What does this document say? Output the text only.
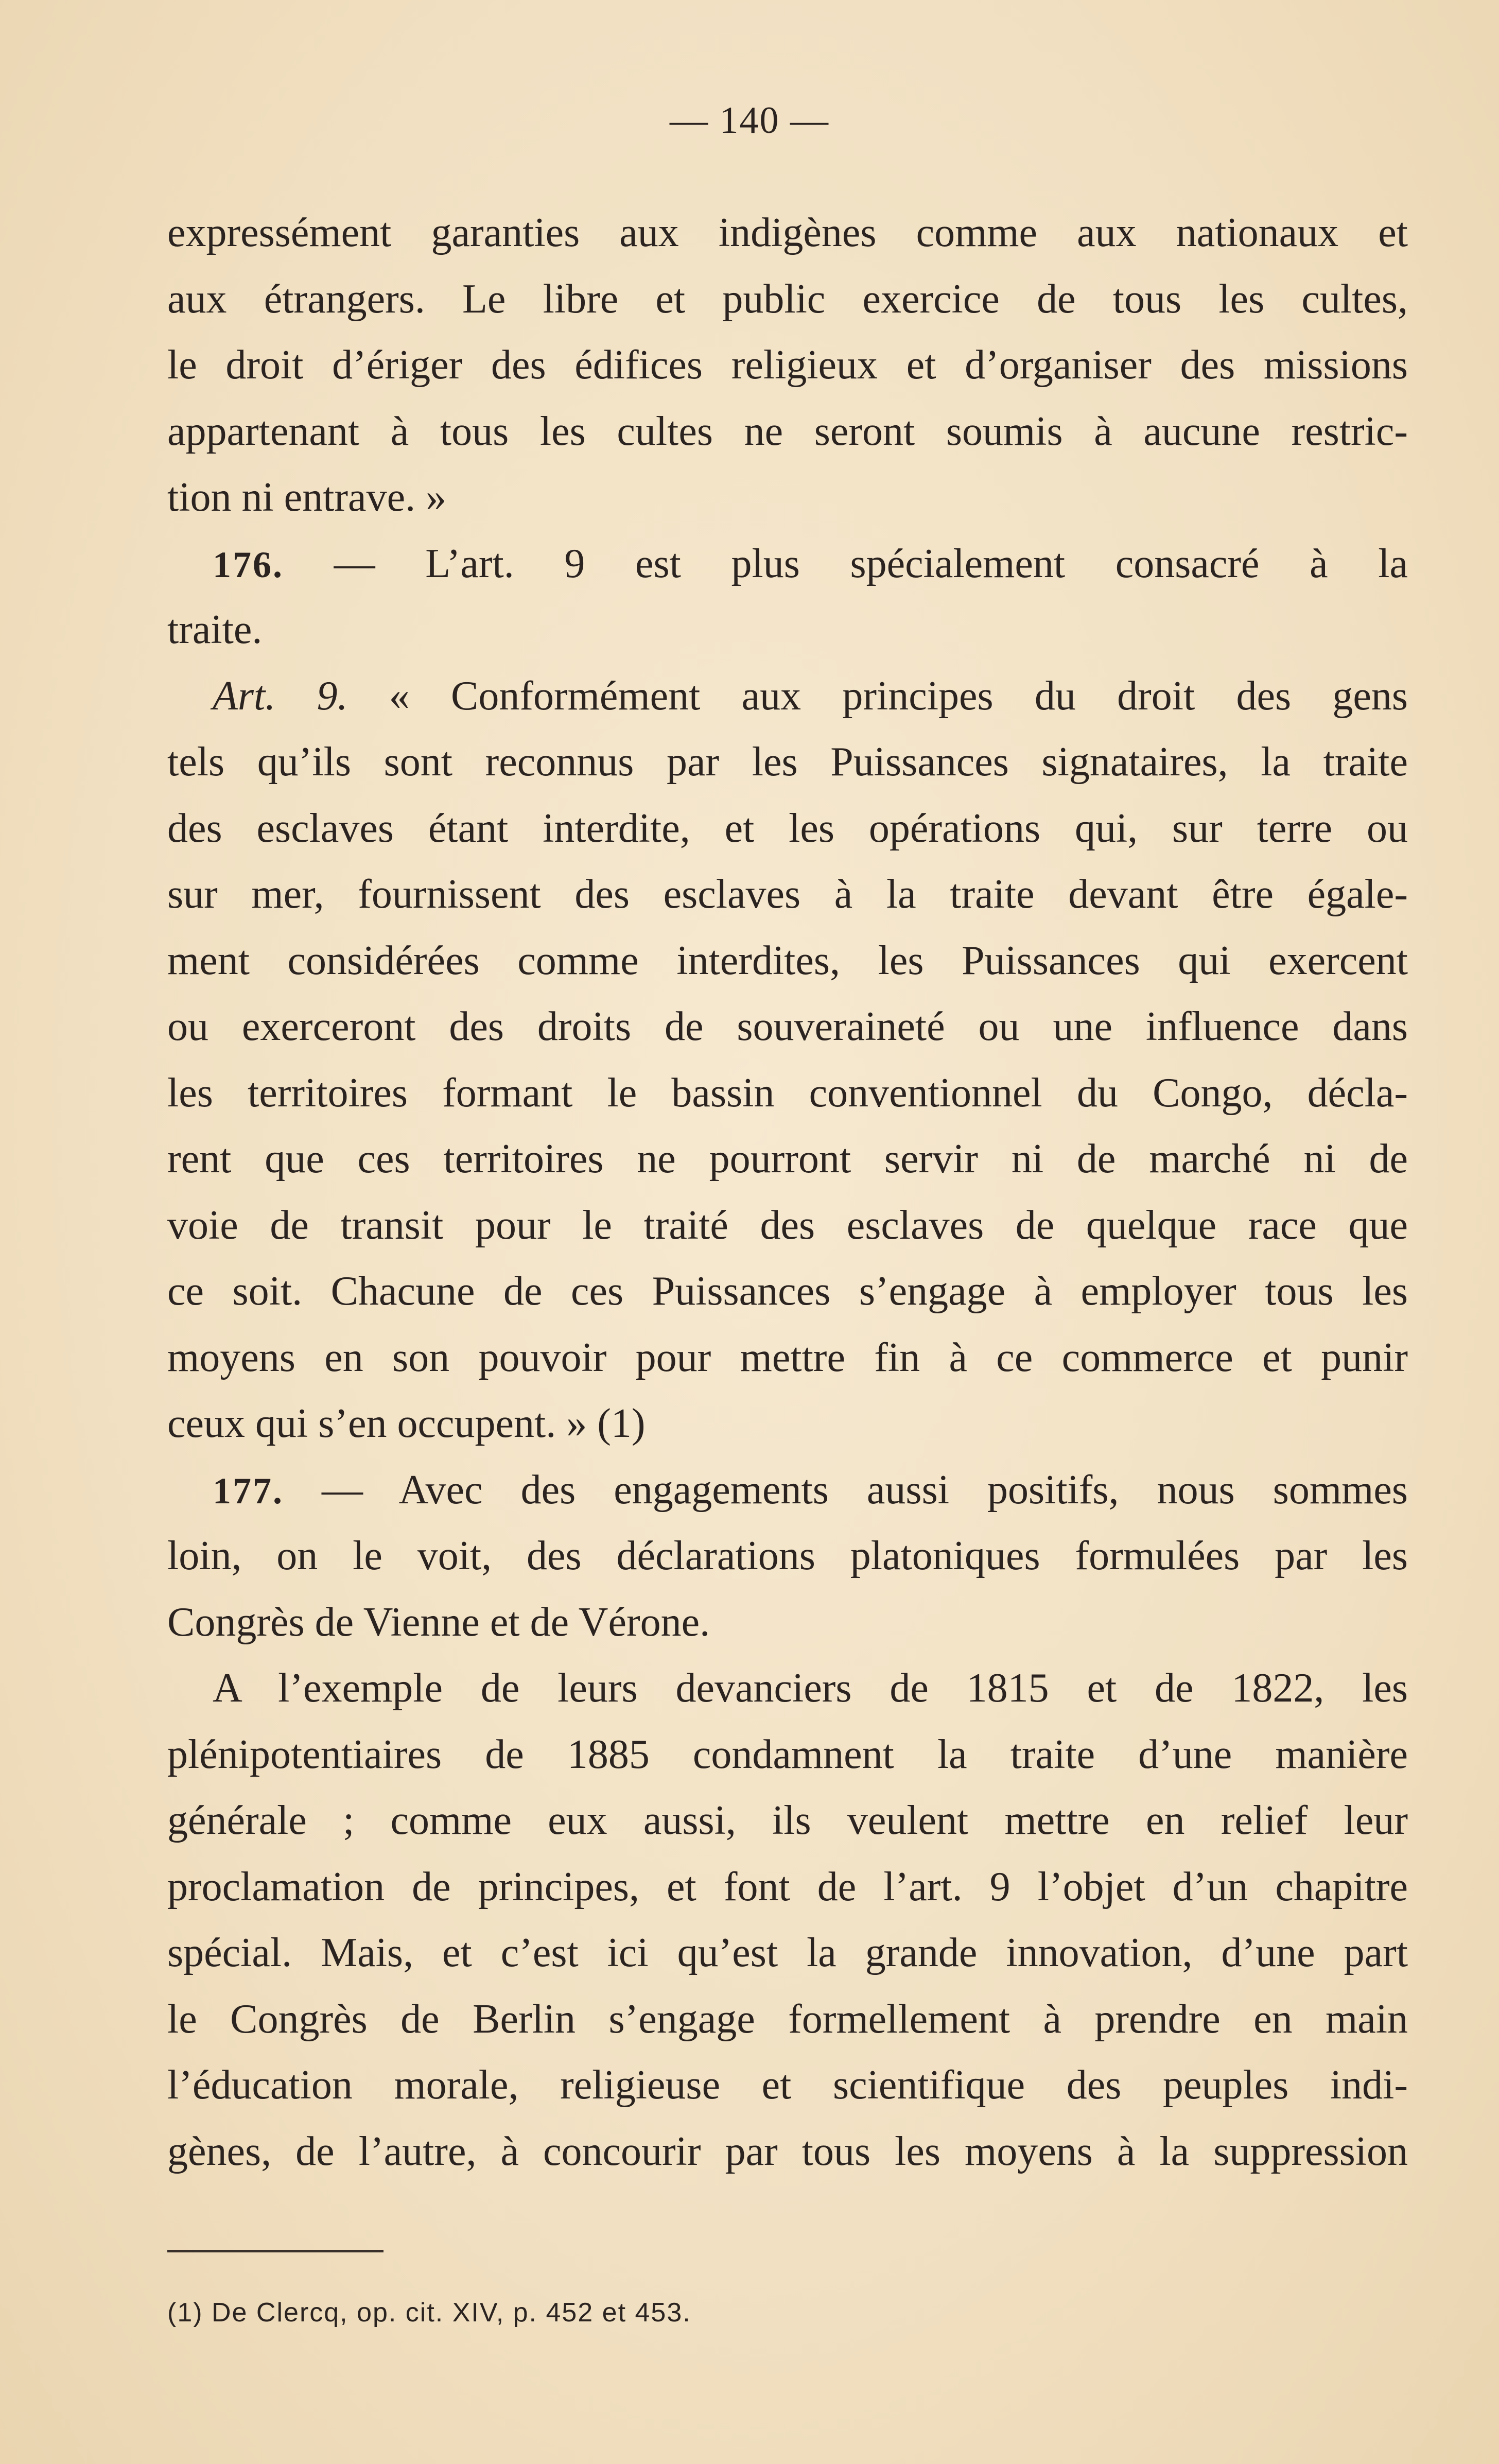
— 140 —
expressément garanties aux indigènes comme aux nationaux et
aux étrangers. Le libre et public exercice de tous les cultes,
le droit d’ériger des édifices religieux et d’organiser des missions
appartenant à tous les cultes ne seront soumis à aucune restric-
tion ni entrave. »
176. — L’art. 9 est plus spécialement consacré à la
traite.
Art. 9. « Conformément aux principes du droit des gens
tels qu’ils sont reconnus par les Puissances signataires, la traite
des esclaves étant interdite, et les opérations qui, sur terre ou
sur mer, fournissent des esclaves à la traite devant être égale-
ment considérées comme interdites, les Puissances qui exercent
ou exerceront des droits de souveraineté ou une influence dans
les territoires formant le bassin conventionnel du Congo, décla-
rent que ces territoires ne pourront servir ni de marché ni de
voie de transit pour le traité des esclaves de quelque race que
ce soit. Chacune de ces Puissances s’engage à employer tous les
moyens en son pouvoir pour mettre fin à ce commerce et punir
ceux qui s’en occupent. » (1)
177. — Avec des engagements aussi positifs, nous sommes
loin, on le voit, des déclarations platoniques formulées par les
Congrès de Vienne et de Vérone.
A l’exemple de leurs devanciers de 1815 et de 1822, les
plénipotentiaires de 1885 condamnent la traite d’une manière
générale ; comme eux aussi, ils veulent mettre en relief leur
proclamation de principes, et font de l’art. 9 l’objet d’un chapitre
spécial. Mais, et c’est ici qu’est la grande innovation, d’une part
le Congrès de Berlin s’engage formellement à prendre en main
l’éducation morale, religieuse et scientifique des peuples indi-
gènes, de l’autre, à concourir par tous les moyens à la suppression
(1) De Clercq, op. cit. XIV, p. 452 et 453.
